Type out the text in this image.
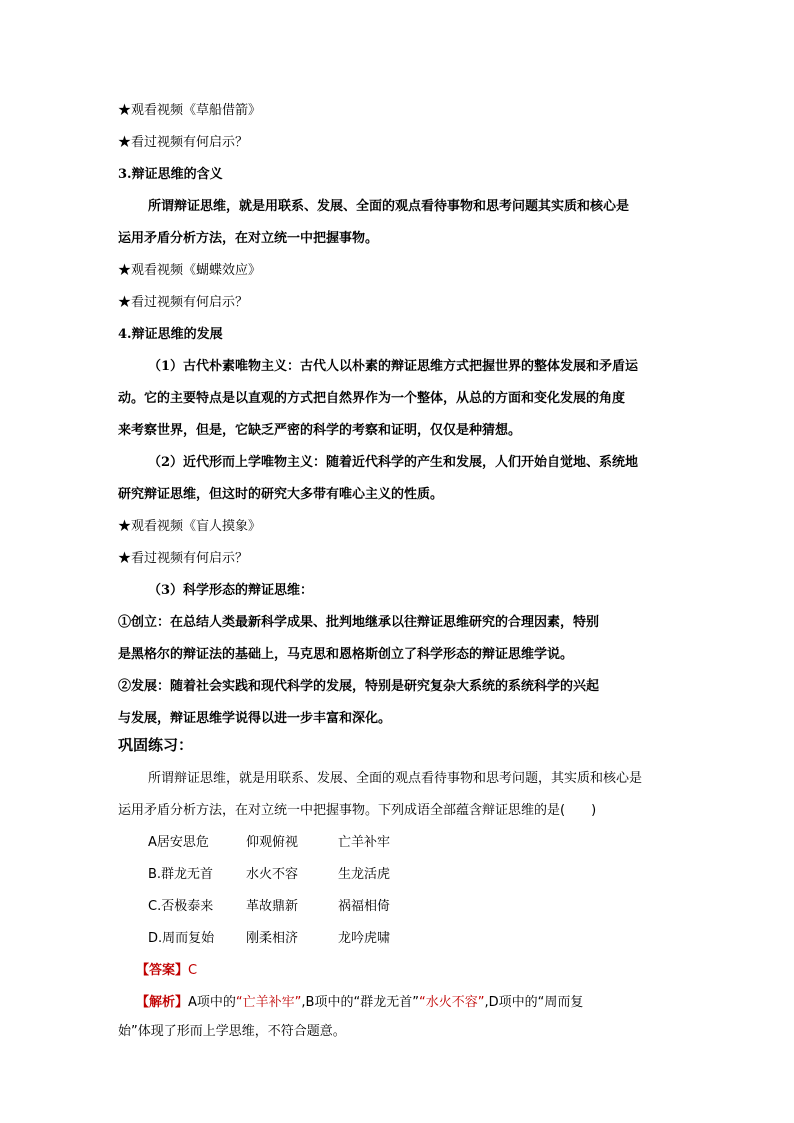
★观看视频《草船借箭》
★看过视频有何启示？
3.辩证思维的含义
所谓辩证思维，就是用联系、发展、全面的观点看待事物和思考问题其实质和核心是
运用矛盾分析方法，在对立统一中把握事物。
★观看视频《蝴蝶效应》
★看过视频有何启示？
4.辩证思维的发展
（1）古代朴素唯物主义：古代人以朴素的辩证思维方式把握世界的整体发展和矛盾运
动。它的主要特点是以直观的方式把自然界作为一个整体，从总的方面和变化发展的角度
来考察世界，但是，它缺乏严密的科学的考察和证明，仅仅是种猜想。
（2）近代形而上学唯物主义：随着近代科学的产生和发展，人们开始自觉地、系统地
研究辩证思维，但这时的研究大多带有唯心主义的性质。
★观看视频《盲人摸象》
★看过视频有何启示？
（3）科学形态的辩证思维：
①创立：在总结人类最新科学成果、批判地继承以往辩证思维研究的合理因素，特别
是黑格尔的辩证法的基础上，马克思和恩格斯创立了科学形态的辩证思维学说。
②发展：随着社会实践和现代科学的发展，特别是研究复杂大系统的系统科学的兴起
与发展，辩证思维学说得以进一步丰富和深化。
巩固练习：
所谓辩证思维，就是用联系、发展、全面的观点看待事物和思考问题，其实质和核心是
运用矛盾分析方法，在对立统一中把握事物。下列成语全部蕴含辩证思维的是(　　)
A居安思危	仰观俯视	亡羊补牢
B.群龙无首	水火不容	生龙活虎
C.否极泰来	革故鼎新	祸福相倚
D.周而复始 刚柔相济	龙吟虎啸
【答案】C
【解析】A项中的“亡羊补牢”,B项中的“群龙无首”“水火不容”,D项中的“周而复
始”体现了形而上学思维，不符合题意。
